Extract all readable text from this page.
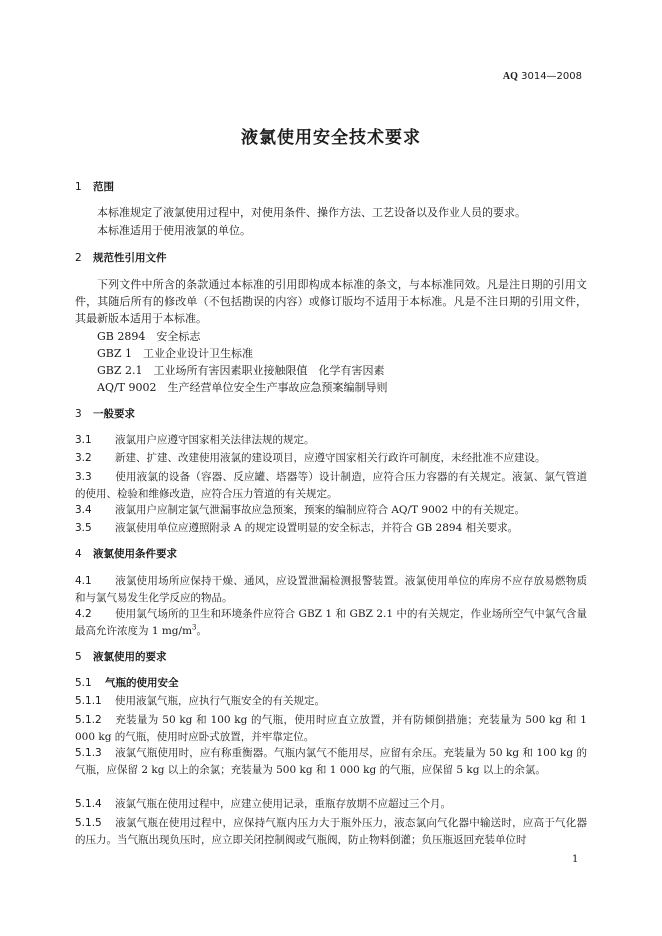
AQ 3014—2008
液氯使用安全技术要求
1 范围
本标准规定了液氯使用过程中，对使用条件、操作方法、工艺设备以及作业人员的要求。
本标准适用于使用液氯的单位。
2 规范性引用文件
下列文件中所含的条款通过本标准的引用即构成本标准的条文，与本标准同效。凡是注日期的引用文件，其随后所有的修改单（不包括勘误的内容）或修订版均不适用于本标准。凡是不注日期的引用文件，其最新版本适用于本标准。
GB 2894　安全标志
GBZ 1　工业企业设计卫生标准
GBZ 2.1　工业场所有害因素职业接触限值　化学有害因素
AQ/T 9002　生产经营单位安全生产事故应急预案编制导则
3 一般要求
3.1 液氯用户应遵守国家相关法律法规的规定。
3.2 新建、扩建、改建使用液氯的建设项目，应遵守国家相关行政许可制度，未经批准不应建设。
3.3 使用液氯的设备（容器、反应罐、塔器等）设计制造，应符合压力容器的有关规定。液氯、氯气管道的使用、检验和维修改造，应符合压力管道的有关规定。
3.4 液氯用户应制定氯气泄漏事故应急预案，预案的编制应符合 AQ/T 9002 中的有关规定。
3.5 液氯使用单位应遵照附录 A 的规定设置明显的安全标志，并符合 GB 2894 相关要求。
4 液氯使用条件要求
4.1 液氯使用场所应保持干燥、通风，应设置泄漏检测报警装置。液氯使用单位的库房不应存放易燃物质和与氯气易发生化学反应的物品。
4.2 使用氯气场所的卫生和环境条件应符合 GBZ 1 和 GBZ 2.1 中的有关规定，作业场所空气中氯气含量最高允许浓度为 1 $mg/m^3$。
5 液氯使用的要求
5.1 气瓶的使用安全
5.1.1 使用液氯气瓶，应执行气瓶安全的有关规定。
5.1.2 充装量为 50 kg 和 100 kg 的气瓶，使用时应直立放置，并有防倾倒措施；充装量为 500 kg 和 1 000 kg 的气瓶，使用时应卧式放置，并牢靠定位。
5.1.3 液氯气瓶使用时，应有称重衡器。气瓶内氯气不能用尽，应留有余压。充装量为 50 kg 和 100 kg 的气瓶，应保留 2 kg 以上的余氯；充装量为 500 kg 和 1 000 kg 的气瓶，应保留 5 kg 以上的余氯。
5.1.4 液氯气瓶在使用过程中，应建立使用记录，重瓶存放期不应超过三个月。
5.1.5 液氯气瓶在使用过程中，应保持气瓶内压力大于瓶外压力，液态氯向气化器中输送时，应高于气化器的压力。当气瓶出现负压时，应立即关闭控制阀或气瓶阀，防止物料倒灌；负压瓶返回充装单位时
1
